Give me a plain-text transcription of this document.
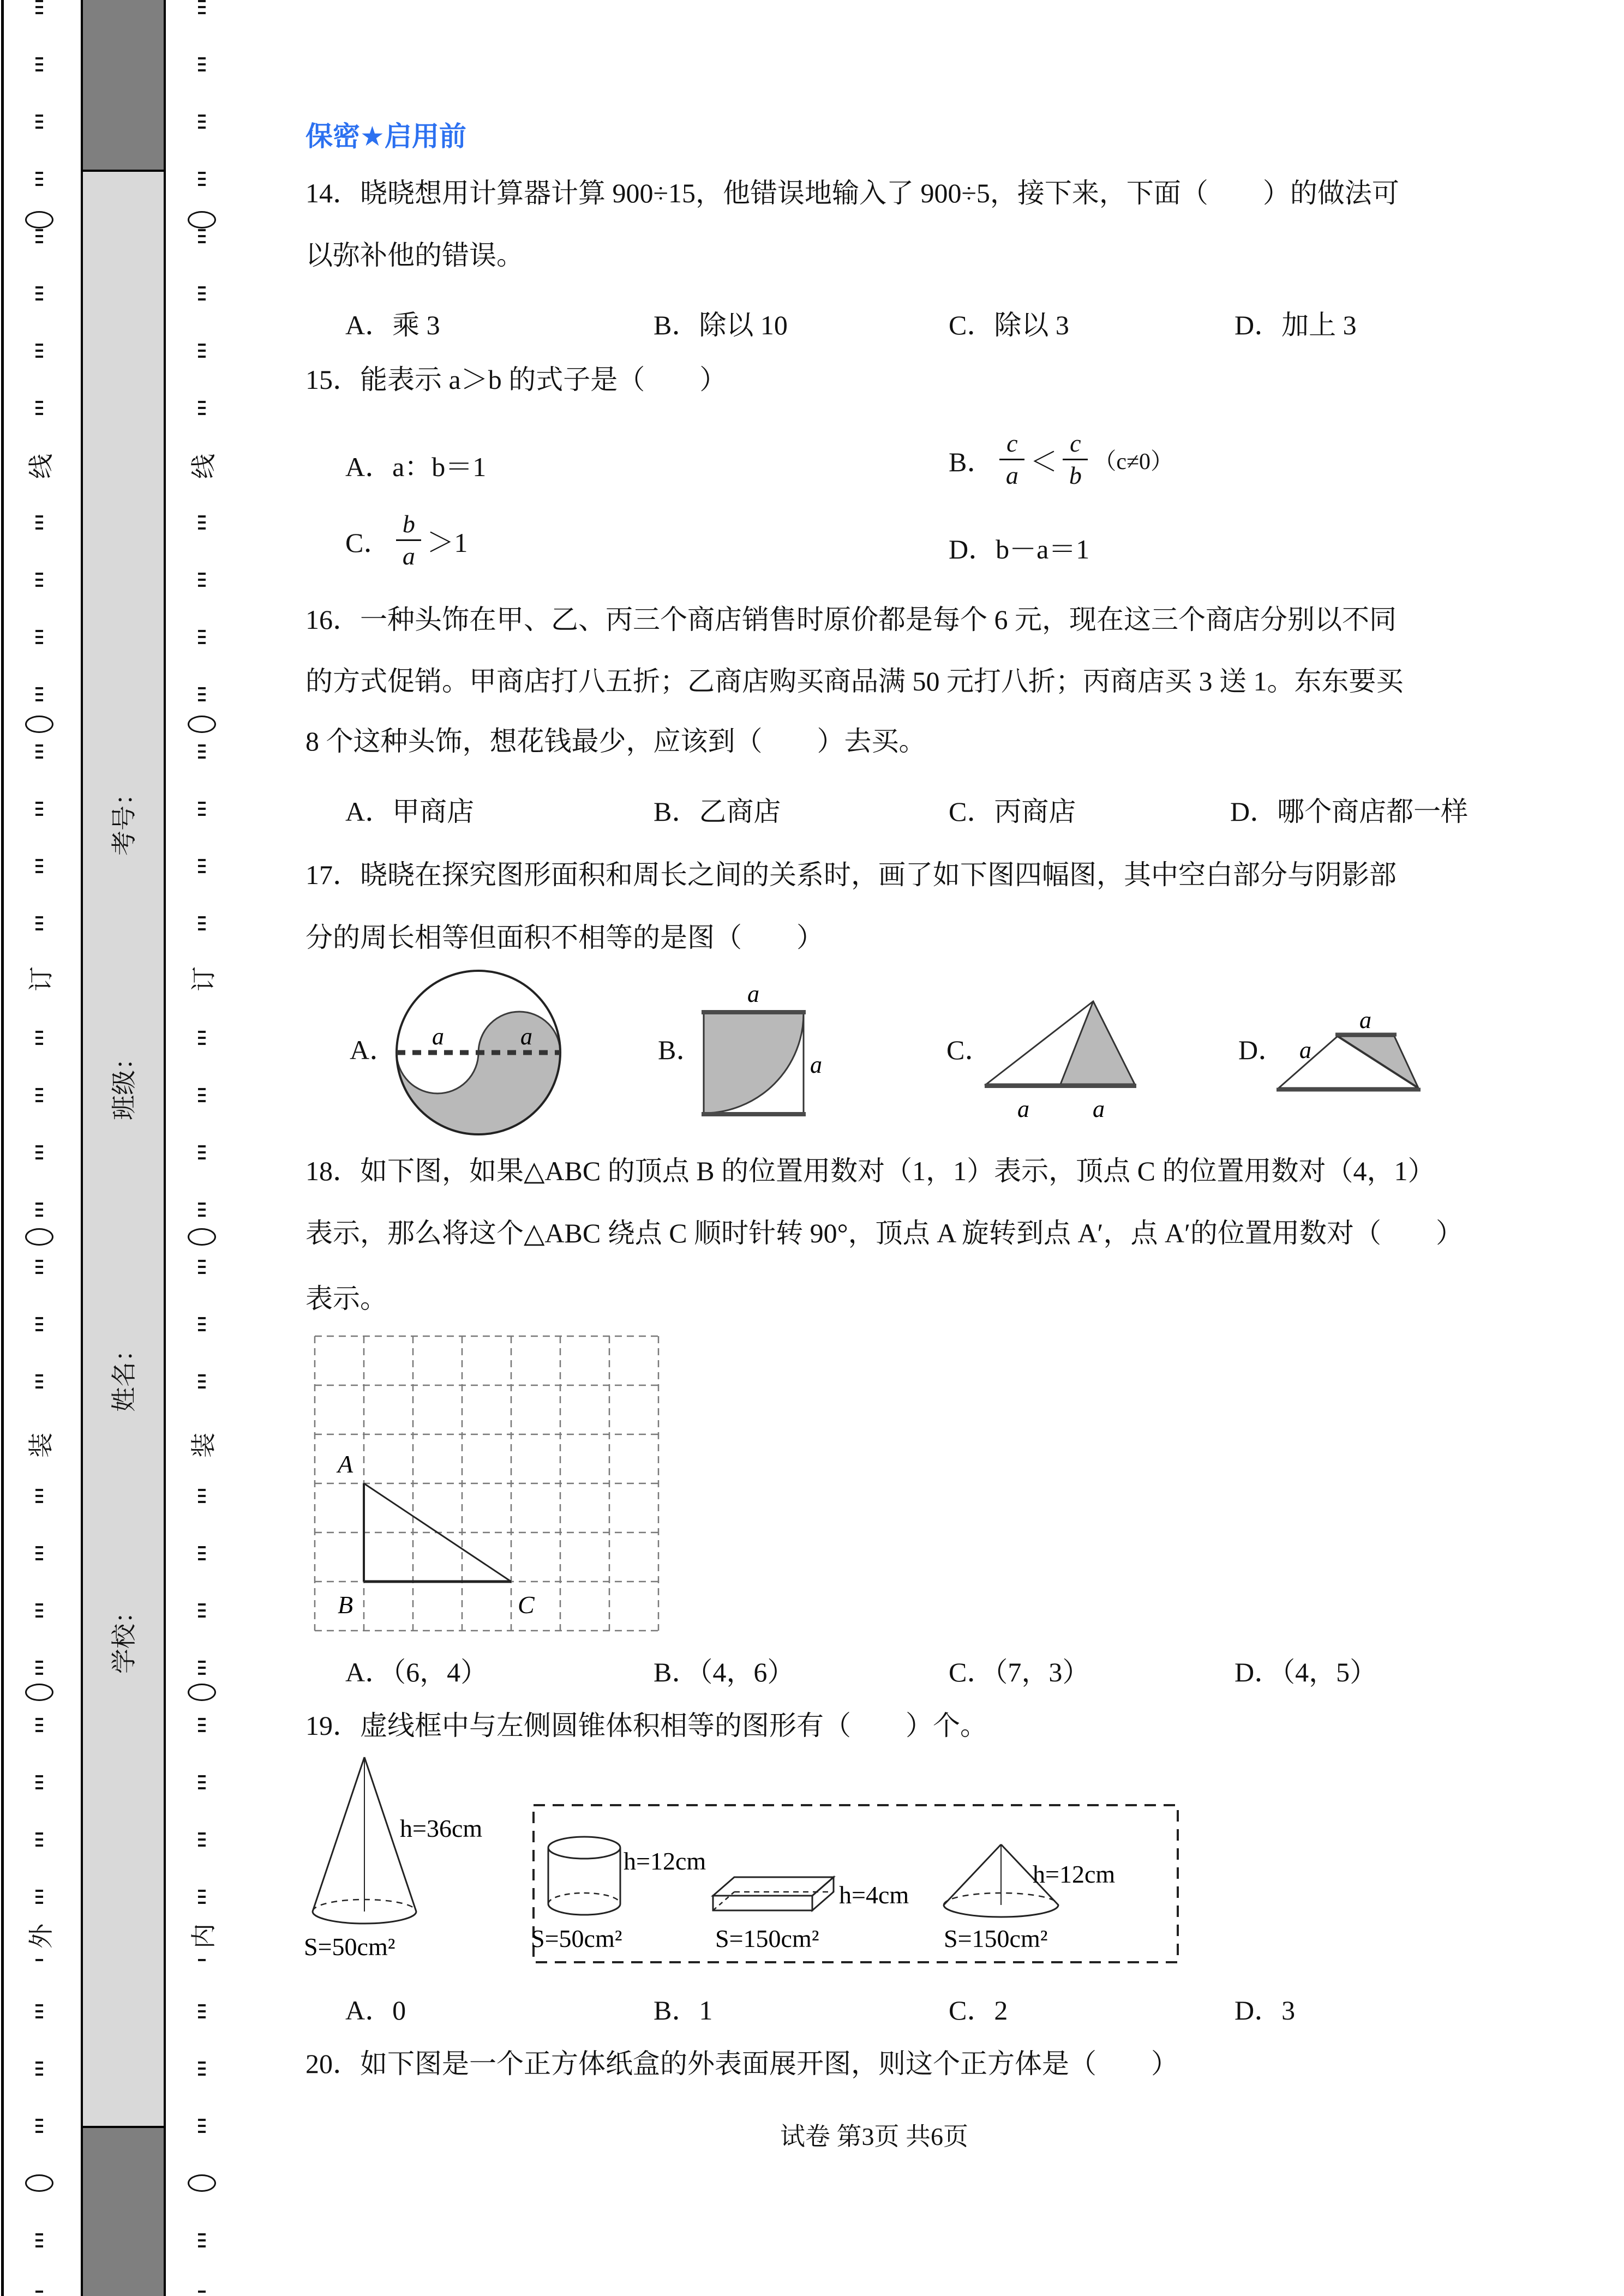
线
订
装
外
考号：
班级：
姓名：
学校：
线
订
装
内
保密★启用前
14．晓晓想用计算器计算 900÷15，他错误地输入了 900÷5，接下来，下面（　　）的做法可
以弥补他的错误。
A．乘 3	B．除以 10	C．除以 3	D．加上 3
15．能表示 a＞b 的式子是（　　）
A．a：b＝1	B． $\frac{c}{a} < \frac{c}{b} (c\ne 0)$
C． $\frac{b}{a} >1$	D．b－a＝1
16．一种头饰在甲、乙、丙三个商店销售时原价都是每个 6 元，现在这三个商店分别以不同
的方式促销。甲商店打八五折；乙商店购买商品满 50 元打八折；丙商店买 3 送 1。东东要买
8 个这种头饰，想花钱最少，应该到（　　）去买。
A．甲商店	B．乙商店	C．丙商店	D．哪个商店都一样
17．晓晓在探究图形面积和周长之间的关系时，画了如下图四幅图，其中空白部分与阴影部
分的周长相等但面积不相等的是图（　　）
A．	B．	C．	D．
a	a
a
a
a	a
a
a
18．如下图，如果△ABC 的顶点 B 的位置用数对（1，1）表示，顶点 C 的位置用数对（4，1）
表示，那么将这个△ABC 绕点 C 顺时针转 90°，顶点 A 旋转到点 A′，点 A′的位置用数对（　　）
表示。
A
B	C
A．（6，4）	B．（4，6）	C．（7，3）	D．（4，5）
19．虚线框中与左侧圆锥体积相等的图形有（　　）个。
h=36cm
S=50cm²
h=12cm
S=50cm²
h=4cm
S=150cm²
h=12cm
S=150cm²
A．0	B．1	C．2	D．3
20．如下图是一个正方体纸盒的外表面展开图，则这个正方体是（　　）
试卷 第3页 共6页
